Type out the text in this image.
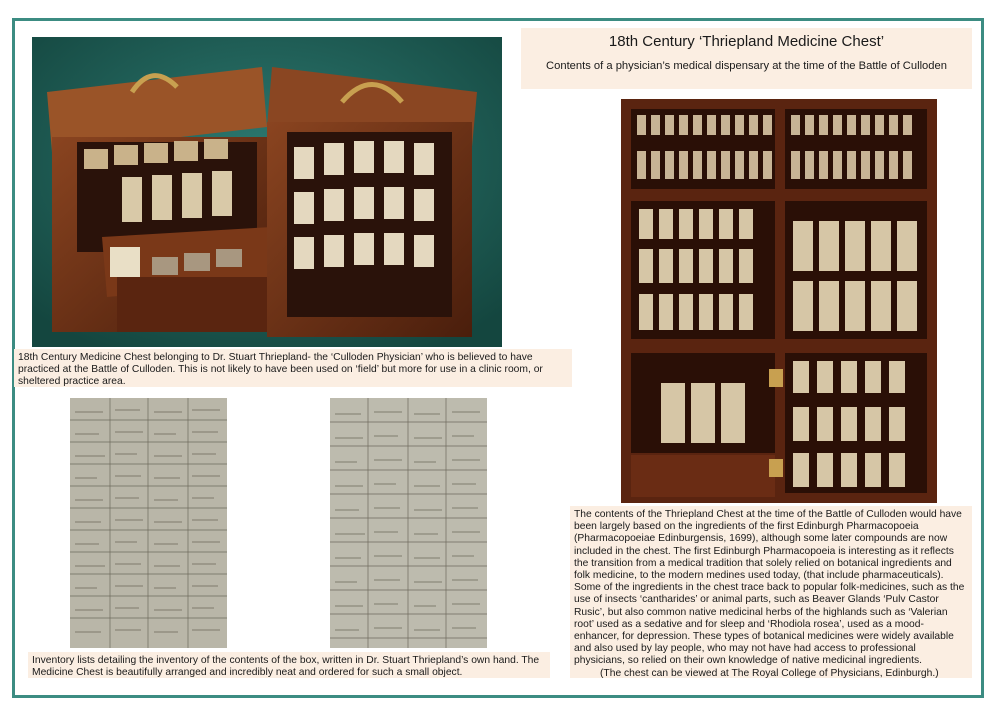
18th Century ‘Thriepland Medicine Chest’

Contents of a physician’s medical dispensary at the time of the Battle of Culloden

18th Century Medicine Chest belonging to Dr. Stuart Thriepland- the ‘Culloden Physician’ who is believed to have practiced at the Battle of Culloden. This is not likely to have been used on ‘field’ but more for use in a clinic room, or sheltered practice area.
Inventory lists detailing the inventory of the contents of the box, written in Dr. Stuart Thriepland’s own hand. The Medicine Chest is beautifully arranged and incredibly neat and ordered for such a small object.
The contents of the Thriepland Chest at the time of the Battle of Culloden would have been largely based on the ingredients of the first Edinburgh Pharmacopoeia (Pharmacopoeiae Edinburgensis, 1699), although some later compounds are now included in the chest. The first Edinburgh Pharmacopoeia is interesting as it reflects the transition from a medical tradition that solely relied on botanical ingredients and folk medicine, to the modern medines used today, (that include pharmaceuticals). Some of the ingredients in the chest trace back to popular folk-medicines, such as the use of insects ‘cantharides’ or animal parts, such as Beaver Glands ‘Pulv Castor Rusic’, but also common native medicinal herbs of the highlands such as ‘Valerian root’ used as a sedative and for sleep and ‘Rhodiola rosea’, used as a mood-enhancer, for depression. These types of botanical medicines were widely available and also used by lay people, who may not have had access to professional physicians, so relied on their own knowledge of native medicinal ingredients.
(The chest can be viewed at The Royal College of Physicians, Edinburgh.)
